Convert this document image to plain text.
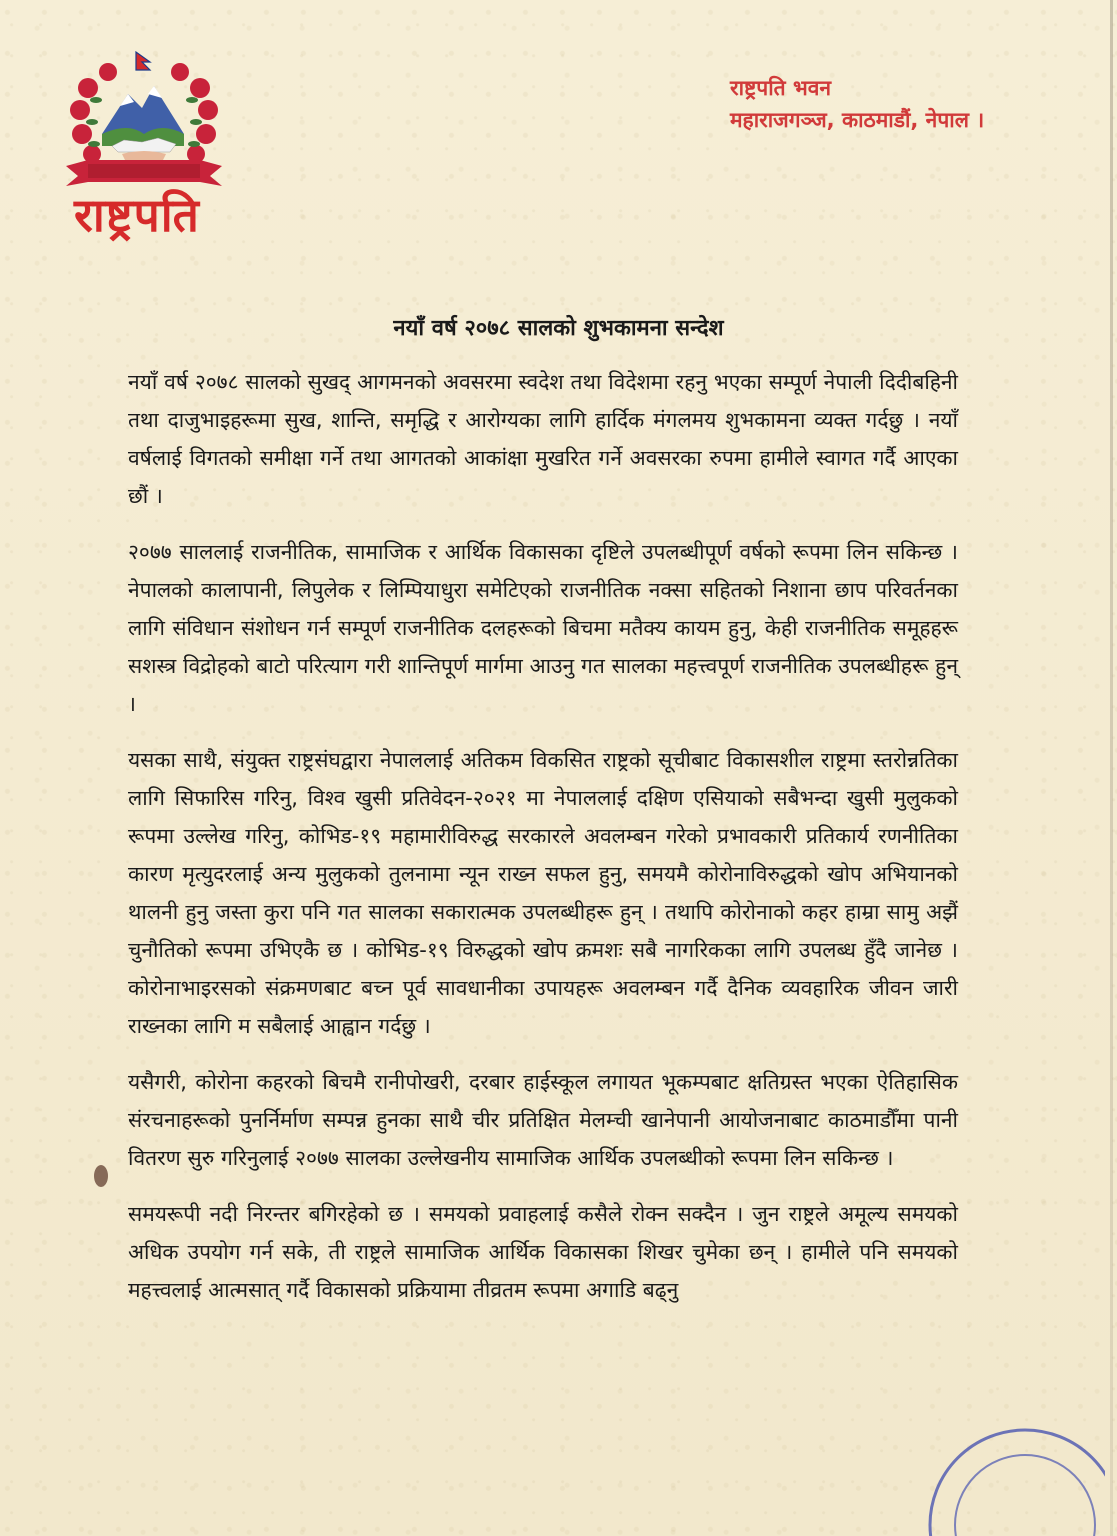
राष्ट्रपति
राष्ट्रपति भवन
महाराजगञ्ज, काठमाडौं, नेपाल ।
नयाँ वर्ष २०७८ सालको शुभकामना सन्देश

नयाँ वर्ष २०७८ सालको सुखद् आगमनको अवसरमा स्वदेश तथा विदेशमा रहनु भएका सम्पूर्ण नेपाली दिदीबहिनी तथा दाजुभाइहरूमा सुख, शान्ति, समृद्धि र आरोग्यका लागि हार्दिक मंगलमय शुभकामना व्यक्त गर्दछु । नयाँ वर्षलाई विगतको समीक्षा गर्ने तथा आगतको आकांक्षा मुखरित गर्ने अवसरका रुपमा हामीले स्वागत गर्दै आएका छौं ।

२०७७ साललाई राजनीतिक, सामाजिक र आर्थिक विकासका दृष्टिले उपलब्धीपूर्ण वर्षको रूपमा लिन सकिन्छ । नेपालको कालापानी, लिपुलेक र लिम्पियाधुरा समेटिएको राजनीतिक नक्सा सहितको निशाना छाप परिवर्तनका लागि संविधान संशोधन गर्न सम्पूर्ण राजनीतिक दलहरूको बिचमा मतैक्य कायम हुनु, केही राजनीतिक समूहहरू सशस्त्र विद्रोहको बाटो परित्याग गरी शान्तिपूर्ण मार्गमा आउनु गत सालका महत्त्वपूर्ण राजनीतिक उपलब्धीहरू हुन् ।

यसका साथै, संयुक्त राष्ट्रसंघद्वारा नेपाललाई अतिकम विकसित राष्ट्रको सूचीबाट विकासशील राष्ट्रमा स्तरोन्नतिका लागि सिफारिस गरिनु, विश्व खुसी प्रतिवेदन-२०२१ मा नेपाललाई दक्षिण एसियाको सबैभन्दा खुसी मुलुकको रूपमा उल्लेख गरिनु, कोभिड-१९ महामारीविरुद्ध सरकारले अवलम्बन गरेको प्रभावकारी प्रतिकार्य रणनीतिका कारण मृत्युदरलाई अन्य मुलुकको तुलनामा न्यून राख्न सफल हुनु, समयमै कोरोनाविरुद्धको खोप अभियानको थालनी हुनु जस्ता कुरा पनि गत सालका सकारात्मक उपलब्धीहरू हुन् । तथापि कोरोनाको कहर हाम्रा सामु अझैं चुनौतिको रूपमा उभिएकै छ । कोभिड-१९ विरुद्धको खोप क्रमशः सबै नागरिकका लागि उपलब्ध हुँदै जानेछ । कोरोनाभाइरसको संक्रमणबाट बच्न पूर्व सावधानीका उपायहरू अवलम्बन गर्दै दैनिक व्यवहारिक जीवन जारी राख्नका लागि म सबैलाई आह्वान गर्दछु ।

यसैगरी, कोरोना कहरको बिचमै रानीपोखरी, दरबार हाईस्कूल लगायत भूकम्पबाट क्षतिग्रस्त भएका ऐतिहासिक संरचनाहरूको पुनर्निर्माण सम्पन्न हुनका साथै चीर प्रतिक्षित मेलम्ची खानेपानी आयोजनाबाट काठमाडौँमा पानी वितरण सुरु गरिनुलाई २०७७ सालका उल्लेखनीय सामाजिक आर्थिक उपलब्धीको रूपमा लिन सकिन्छ ।

समयरूपी नदी निरन्तर बगिरहेको छ । समयको प्रवाहलाई कसैले रोक्न सक्दैन । जुन राष्ट्रले अमूल्य समयको अधिक उपयोग गर्न सके, ती राष्ट्रले सामाजिक आर्थिक विकासका शिखर चुमेका छन् । हामीले पनि समयको महत्त्वलाई आत्मसात् गर्दै विकासको प्रक्रियामा तीव्रतम रूपमा अगाडि बढ्नु
